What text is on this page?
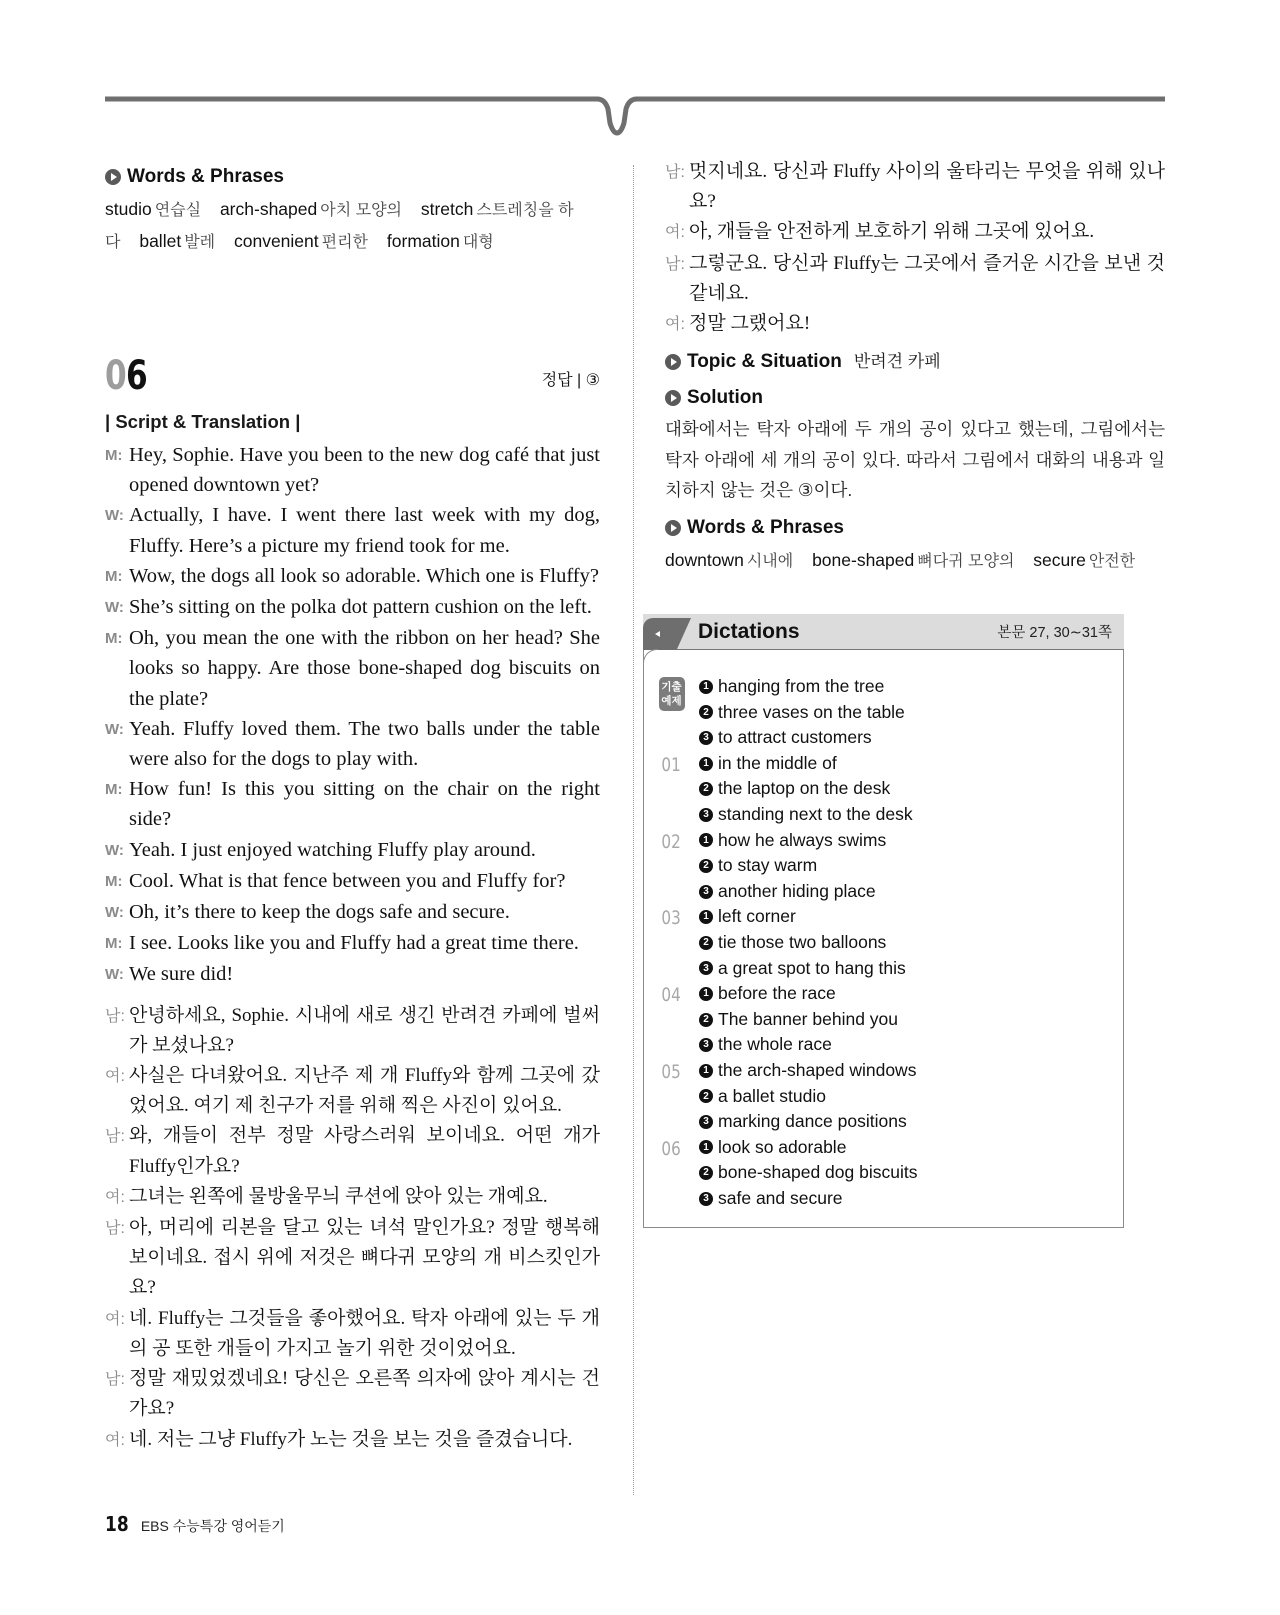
Words & Phrases
studio 연습실 arch-shaped 아치 모양의 stretch 스트레칭을 하다 ballet 발레 convenient 편리한 formation 대형
06	정답 | ③
| Script & Translation |
M: Hey, Sophie. Have you been to the new dog café that just opened downtown yet?
W: Actually, I have. I went there last week with my dog, Fluffy. Here’s a picture my friend took for me.
M: Wow, the dogs all look so adorable. Which one is Fluffy?
W: She’s sitting on the polka dot pattern cushion on the left.
M: Oh, you mean the one with the ribbon on her head? She looks so happy. Are those bone-shaped dog biscuits on the plate?
W: Yeah. Fluffy loved them. The two balls under the table were also for the dogs to play with.
M: How fun! Is this you sitting on the chair on the right side?
W: Yeah. I just enjoyed watching Fluffy play around.
M: Cool. What is that fence between you and Fluffy for?
W: Oh, it’s there to keep the dogs safe and secure.
M: I see. Looks like you and Fluffy had a great time there.
W: We sure did!
남: 안녕하세요, Sophie. 시내에 새로 생긴 반려견 카페에 벌써 가 보셨나요?
여: 사실은 다녀왔어요. 지난주 제 개 Fluffy와 함께 그곳에 갔었어요. 여기 제 친구가 저를 위해 찍은 사진이 있어요.
남: 와, 개들이 전부 정말 사랑스러워 보이네요. 어떤 개가 Fluffy인가요?
여: 그녀는 왼쪽에 물방울무늬 쿠션에 앉아 있는 개예요.
남: 아, 머리에 리본을 달고 있는 녀석 말인가요? 정말 행복해 보이네요. 접시 위에 저것은 뼈다귀 모양의 개 비스킷인가요?
여: 네. Fluffy는 그것들을 좋아했어요. 탁자 아래에 있는 두 개의 공 또한 개들이 가지고 놀기 위한 것이었어요.
남: 정말 재밌었겠네요! 당신은 오른쪽 의자에 앉아 계시는 건가요?
여: 네. 저는 그냥 Fluffy가 노는 것을 보는 것을 즐겼습니다.
남: 멋지네요. 당신과 Fluffy 사이의 울타리는 무엇을 위해 있나요?
여: 아, 개들을 안전하게 보호하기 위해 그곳에 있어요.
남: 그렇군요. 당신과 Fluffy는 그곳에서 즐거운 시간을 보낸 것 같네요.
여: 정말 그랬어요!
Topic & Situation 반려견 카페
Solution
대화에서는 탁자 아래에 두 개의 공이 있다고 했는데, 그림에서는 탁자 아래에 세 개의 공이 있다. 따라서 그림에서 대화의 내용과 일치하지 않는 것은 ③이다.
Words & Phrases
downtown 시내에 bone-shaped 뼈다귀 모양의 secure 안전한
Dictations	본문 27, 30∼31쪽
기출
예제
1 hanging from the tree
2 three vases on the table
3 to attract customers
01	1 in the middle of
2 the laptop on the desk
3 standing next to the desk
02	1 how he always swims
2 to stay warm
3 another hiding place
03	1 left corner
2 tie those two balloons
3 a great spot to hang this
04	1 before the race
2 The banner behind you
3 the whole race
05	1 the arch-shaped windows
2 a ballet studio
3 marking dance positions
06	1 look so adorable
2 bone-shaped dog biscuits
3 safe and secure
18 EBS 수능특강 영어듣기
